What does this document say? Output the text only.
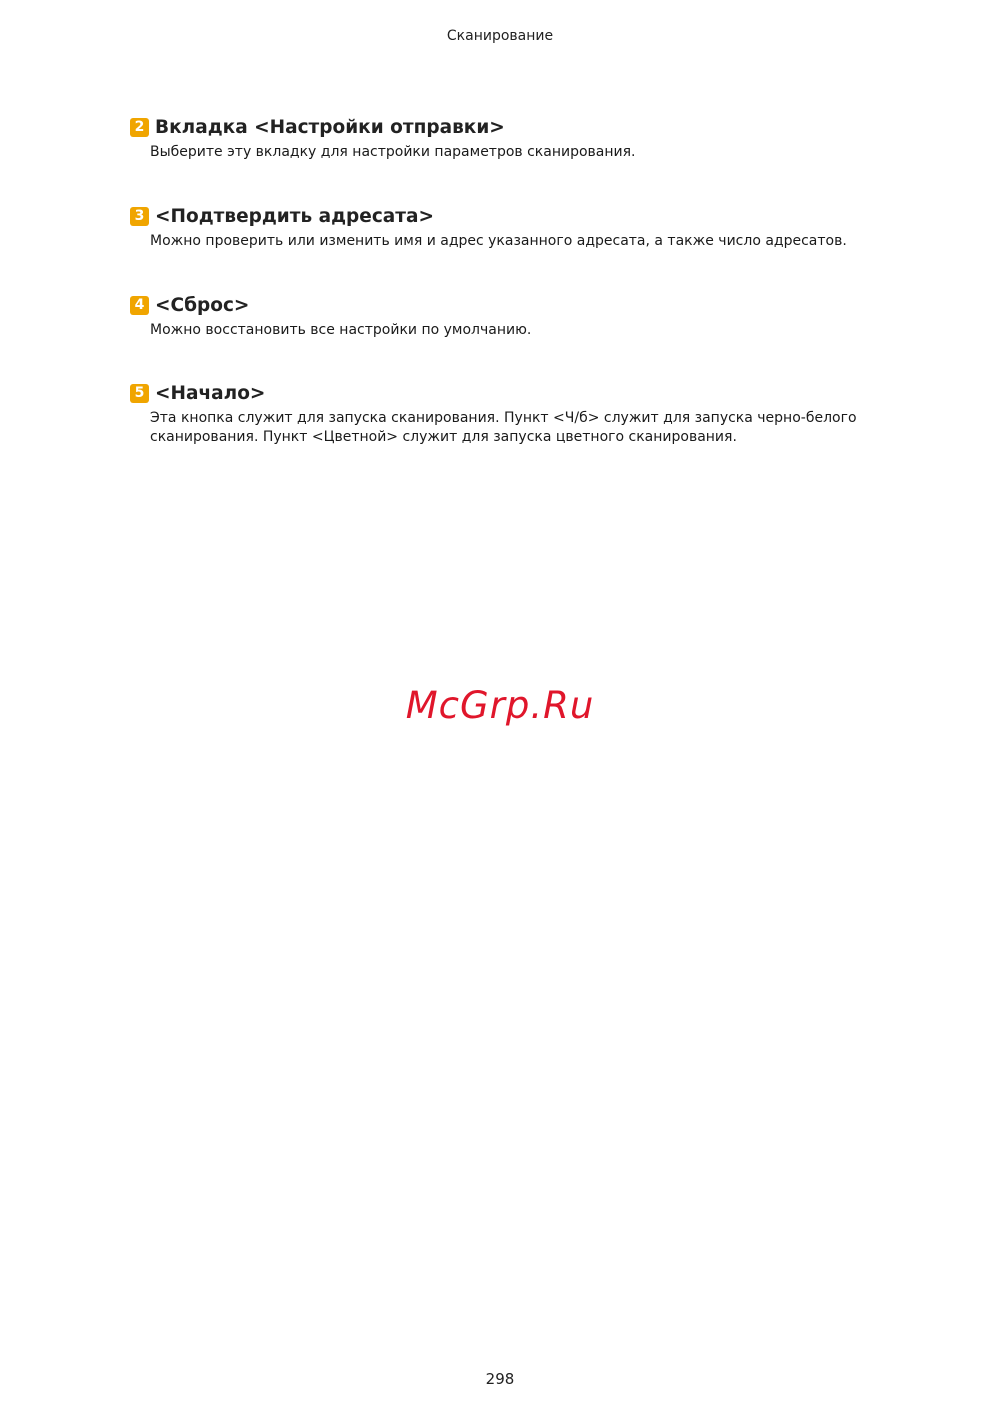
Сканирование
2 Вкладка <Настройки отправки>
Выберите эту вкладку для настройки параметров сканирования.
3 <Подтвердить адресата>
Можно проверить или изменить имя и адрес указанного адресата, а также число адресатов.
4 <Сброс>
Можно восстановить все настройки по умолчанию.
5 <Начало>
Эта кнопка служит для запуска сканирования. Пункт <Ч/б> служит для запуска черно-белого сканирования. Пункт <Цветной> служит для запуска цветного сканирования.
McGrp.Ru
298
